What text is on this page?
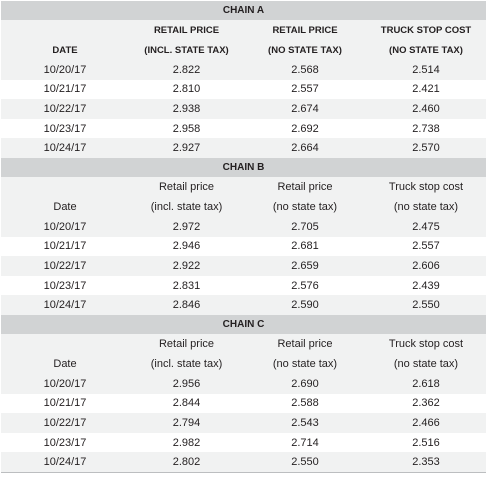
CHAIN A			
	RETAIL PRICE	RETAIL PRICE	TRUCK STOP COST
DATE	(INCL. STATE TAX)	(NO STATE TAX)	(NO STATE TAX)
10/20/17	2.822	2.568	2.514
10/21/17	2.810	2.557	2.421
10/22/17	2.938	2.674	2.460
10/23/17	2.958	2.692	2.738
10/24/17	2.927	2.664	2.570
CHAIN B			
	Retail price	Retail price	Truck stop cost
Date	(incl. state tax)	(no state tax)	(no state tax)
10/20/17	2.972	2.705	2.475
10/21/17	2.946	2.681	2.557
10/22/17	2.922	2.659	2.606
10/23/17	2.831	2.576	2.439
10/24/17	2.846	2.590	2.550
CHAIN C			
	Retail price	Retail price	Truck stop cost
Date	(incl. state tax)	(no state tax)	(no state tax)
10/20/17	2.956	2.690	2.618
10/21/17	2.844	2.588	2.362
10/22/17	2.794	2.543	2.466
10/23/17	2.982	2.714	2.516
10/24/17	2.802	2.550	2.353
